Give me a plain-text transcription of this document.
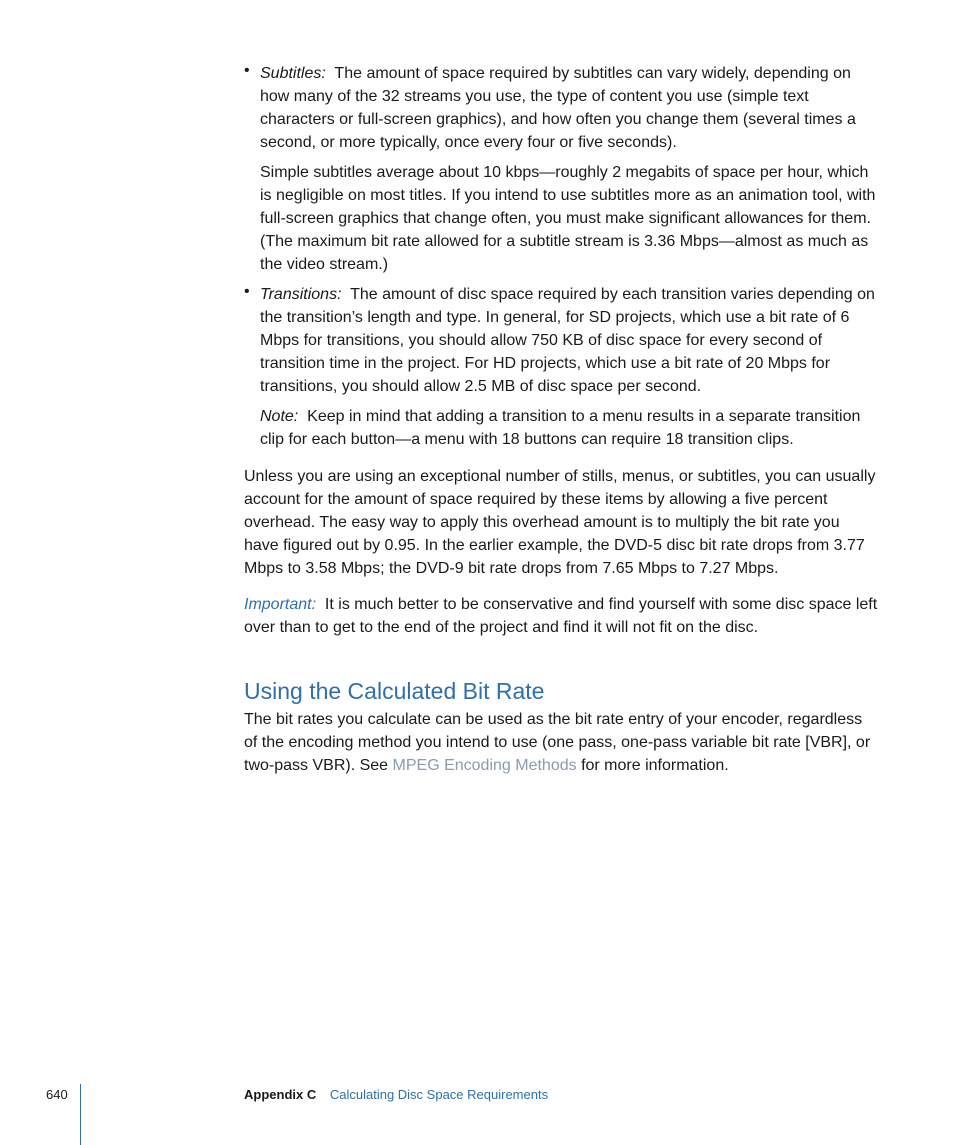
• Subtitles: The amount of space required by subtitles can vary widely, depending on how many of the 32 streams you use, the type of content you use (simple text characters or full-screen graphics), and how often you change them (several times a second, or more typically, once every four or five seconds).

Simple subtitles average about 10 kbps—roughly 2 megabits of space per hour, which is negligible on most titles. If you intend to use subtitles more as an animation tool, with full-screen graphics that change often, you must make significant allowances for them. (The maximum bit rate allowed for a subtitle stream is 3.36 Mbps—almost as much as the video stream.)

• Transitions: The amount of disc space required by each transition varies depending on the transition’s length and type. In general, for SD projects, which use a bit rate of 6 Mbps for transitions, you should allow 750 KB of disc space for every second of transition time in the project. For HD projects, which use a bit rate of 20 Mbps for transitions, you should allow 2.5 MB of disc space per second.

Note: Keep in mind that adding a transition to a menu results in a separate transition clip for each button—a menu with 18 buttons can require 18 transition clips.

Unless you are using an exceptional number of stills, menus, or subtitles, you can usually account for the amount of space required by these items by allowing a five percent overhead. The easy way to apply this overhead amount is to multiply the bit rate you have figured out by 0.95. In the earlier example, the DVD-5 disc bit rate drops from 3.77 Mbps to 3.58 Mbps; the DVD-9 bit rate drops from 7.65 Mbps to 7.27 Mbps.

Important: It is much better to be conservative and find yourself with some disc space left over than to get to the end of the project and find it will not fit on the disc.

Using the Calculated Bit Rate

The bit rates you calculate can be used as the bit rate entry of your encoder, regardless of the encoding method you intend to use (one pass, one-pass variable bit rate [VBR], or two-pass VBR). See MPEG Encoding Methods for more information.

640	Appendix C Calculating Disc Space Requirements
